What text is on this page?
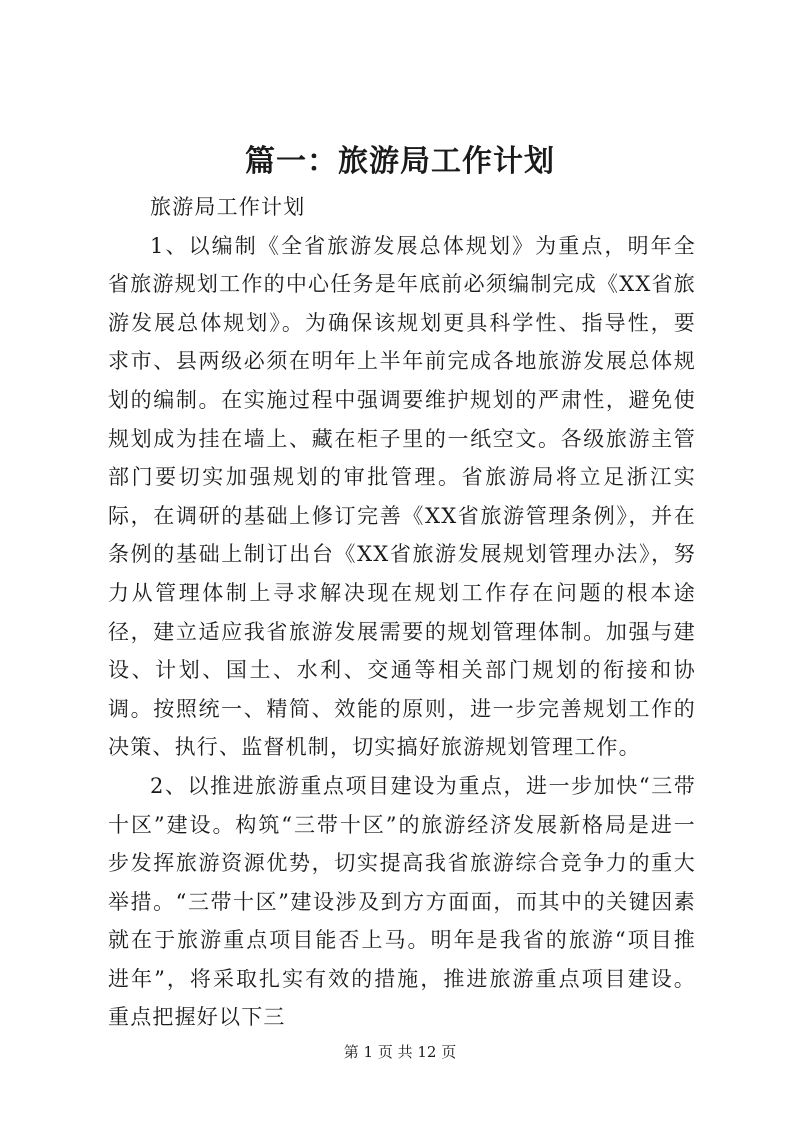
篇一：旅游局工作计划

旅游局工作计划

1、以编制《全省旅游发展总体规划》为重点，明年全省旅游规划工作的中心任务是年底前必须编制完成《XX省旅游发展总体规划》。为确保该规划更具科学性、指导性，要求市、县两级必须在明年上半年前完成各地旅游发展总体规划的编制。在实施过程中强调要维护规划的严肃性，避免使规划成为挂在墙上、藏在柜子里的一纸空文。各级旅游主管部门要切实加强规划的审批管理。省旅游局将立足浙江实际，在调研的基础上修订完善《XX省旅游管理条例》，并在条例的基础上制订出台《XX省旅游发展规划管理办法》，努力从管理体制上寻求解决现在规划工作存在问题的根本途径，建立适应我省旅游发展需要的规划管理体制。加强与建设、计划、国土、水利、交通等相关部门规划的衔接和协调。按照统一、精简、效能的原则，进一步完善规划工作的决策、执行、监督机制，切实搞好旅游规划管理工作。

2、以推进旅游重点项目建设为重点，进一步加快“三带十区”建设。构筑“三带十区”的旅游经济发展新格局是进一步发挥旅游资源优势，切实提高我省旅游综合竞争力的重大举措。“三带十区”建设涉及到方方面面，而其中的关键因素就在于旅游重点项目能否上马。明年是我省的旅游“项目推进年”，将采取扎实有效的措施，推进旅游重点项目建设。重点把握好以下三

第 1 页 共 12 页
